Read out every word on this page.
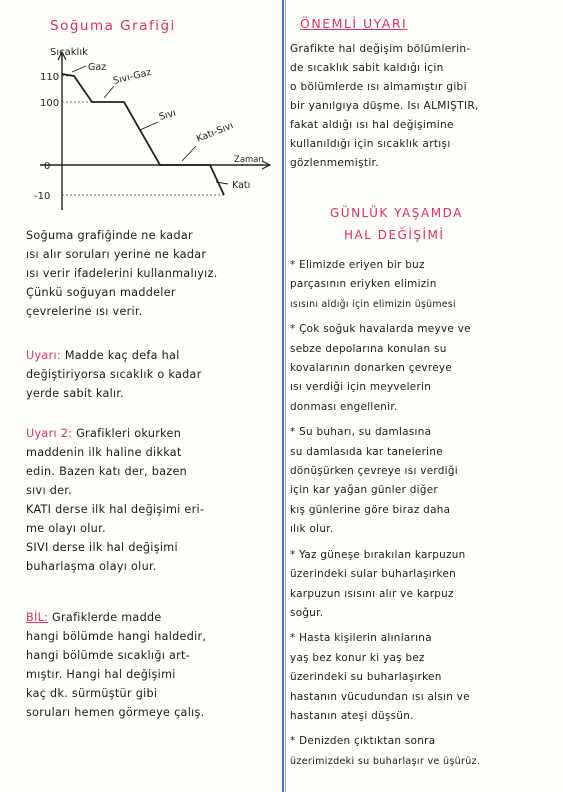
Soğuma Grafiği
110
100
0
-10
Sıcaklık
Zaman
Gaz Sıvı-Gaz
Sıvı
Katı-Sıvı
Katı

Soğuma grafiğinde ne kadar

ısı alır soruları yerine ne kadar

ısı verir ifadelerini kullanmalıyız.

Çünkü soğuyan maddeler

çevrelerine ısı verir.

Uyarı: Madde kaç defa hal

değiştiriyorsa sıcaklık o kadar

yerde sabit kalır.

Uyarı 2: Grafikleri okurken

maddenin ilk haline dikkat

edin. Bazen katı der, bazen

sıvı der.

KATI derse ilk hal değişimi eri-

me olayı olur.

SIVI derse ilk hal değişimi

buharlaşma olayı olur.

BİL: Grafiklerde madde

hangi bölümde hangi haldedir,

hangi bölümde sıcaklığı art-

mıştır. Hangi hal değişimi

kaç dk. sürmüştür gibi

soruları hemen görmeye çalış.

ÖNEMLİ UYARI

Grafikte hal değişim bölümlerin-

de sıcaklık sabit kaldığı için

o bölümlerde ısı almamıştır gibi

bir yanılgıya düşme. Isı ALMIŞTIR,

fakat aldığı ısı hal değişimine

kullanıldığı için sıcaklık artışı

gözlenmemiştir.

GÜNLÜK YAŞAMDA
HAL DEĞİŞİMİ

* Elimizde eriyen bir buz

parçasının eriyken elimizin

ısısını aldığı için elimizin üşümesi

* Çok soğuk havalarda meyve ve

sebze depolarına konulan su

kovalarının donarken çevreye

ısı verdiği için meyvelerin

donması engellenir.

* Su buharı, su damlasına

su damlasıda kar tanelerine

dönüşürken çevreye ısı verdiği

için kar yağan günler diğer

kış günlerine göre biraz daha

ılık olur.

* Yaz güneşe bırakılan karpuzun

üzerindeki sular buharlaşırken

karpuzun ısısını alır ve karpuz

soğur.

* Hasta kişilerin alınlarına

yaş bez konur ki yaş bez

üzerindeki su buharlaşırken

hastanın vücudundan ısı alsın ve

hastanın ateşi düşsün.

* Denizden çıktıktan sonra

üzerimizdeki su buharlaşır ve üşürüz.
